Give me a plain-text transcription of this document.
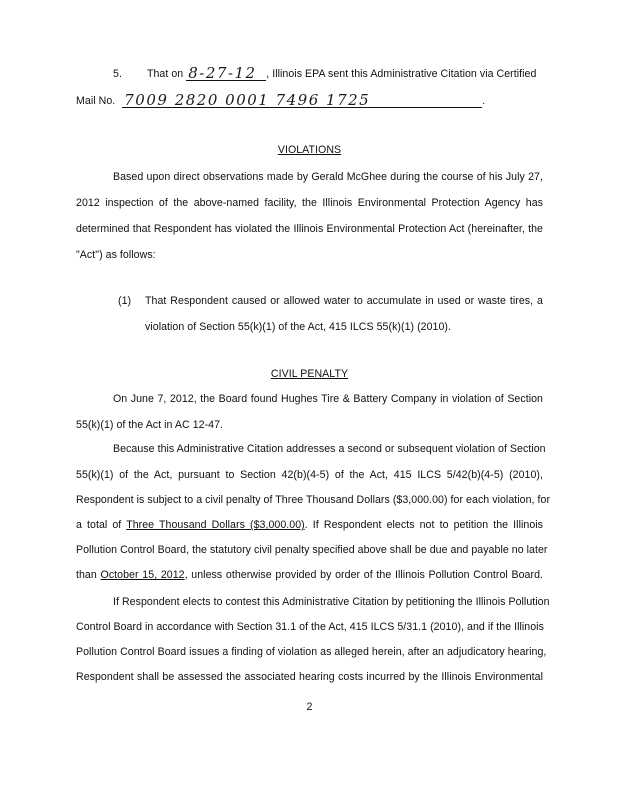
5. That on 8-27-12 , Illinois EPA sent this Administrative Citation via Certified
Mail No. 7009 2820 0001 7496 1725	.
VIOLATIONS
Based upon direct observations made by Gerald McGhee during the course of his July 27,
2012 inspection of the above-named facility, the Illinois Environmental Protection Agency has
determined that Respondent has violated the Illinois Environmental Protection Act (hereinafter, the
"Act") as follows:
(1) That Respondent caused or allowed water to accumulate in used or waste tires, a
violation of Section 55(k)(1) of the Act, 415 ILCS 55(k)(1) (2010).
CIVIL PENALTY
On June 7, 2012, the Board found Hughes Tire & Battery Company in violation of Section
55(k)(1) of the Act in AC 12-47.
Because this Administrative Citation addresses a second or subsequent violation of Section
55(k)(1) of the Act, pursuant to Section 42(b)(4-5) of the Act, 415 ILCS 5/42(b)(4-5) (2010),
Respondent is subject to a civil penalty of Three Thousand Dollars ($3,000.00) for each violation, for
a total of Three Thousand Dollars ($3,000.00). If Respondent elects not to petition the Illinois
Pollution Control Board, the statutory civil penalty specified above shall be due and payable no later
than October 15, 2012, unless otherwise provided by order of the Illinois Pollution Control Board.
If Respondent elects to contest this Administrative Citation by petitioning the Illinois Pollution
Control Board in accordance with Section 31.1 of the Act, 415 ILCS 5/31.1 (2010), and if the Illinois
Pollution Control Board issues a finding of violation as alleged herein, after an adjudicatory hearing,
Respondent shall be assessed the associated hearing costs incurred by the Illinois Environmental
2
